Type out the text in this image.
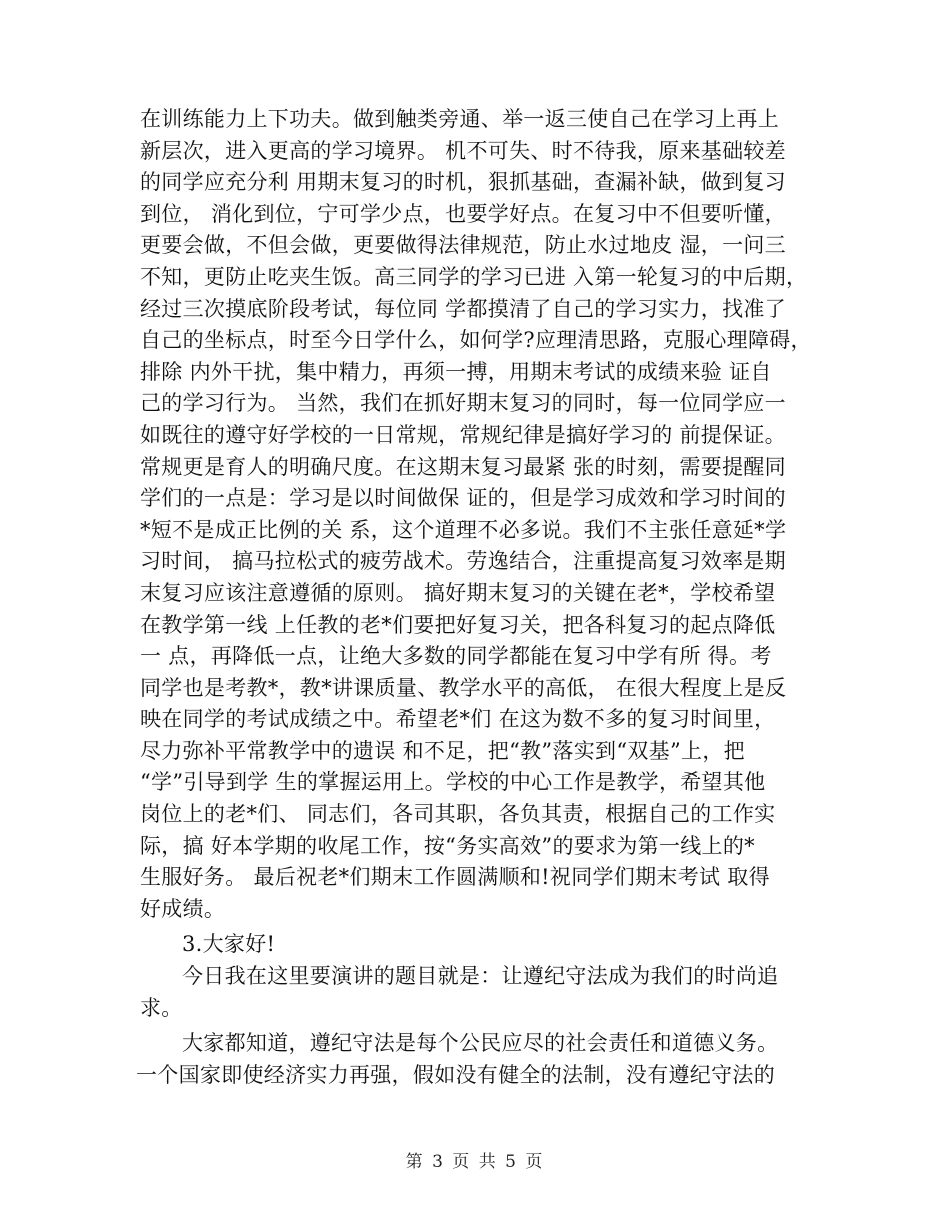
在训练能力上下功夫。做到触类旁通、举一返三使自己在学习上再上
新层次，进入更高的学习境界。 机不可失、时不待我，原来基础较差
的同学应充分利 用期末复习的时机，狠抓基础，查漏补缺，做到复习
到位， 消化到位，宁可学少点，也要学好点。在复习中不但要听懂，
更要会做，不但会做，更要做得法律规范，防止水过地皮 湿，一问三
不知，更防止吃夹生饭。高三同学的学习已进 入第一轮复习的中后期，
经过三次摸底阶段考试，每位同 学都摸清了自己的学习实力，找准了
自己的坐标点，时至今日学什么，如何学?应理清思路，克服心理障碍，
排除 内外干扰，集中精力，再须一搏，用期末考试的成绩来验 证自
己的学习行为。 当然，我们在抓好期末复习的同时，每一位同学应一
如既往的遵守好学校的一日常规，常规纪律是搞好学习的 前提保证。
常规更是育人的明确尺度。在这期末复习最紧 张的时刻，需要提醒同
学们的一点是：学习是以时间做保 证的，但是学习成效和学习时间的
*短不是成正比例的关 系，这个道理不必多说。我们不主张任意延*学
习时间， 搞马拉松式的疲劳战术。劳逸结合，注重提高复习效率是期
末复习应该注意遵循的原则。 搞好期末复习的关键在老*，学校希望
在教学第一线 上任教的老*们要把好复习关，把各科复习的起点降低
一 点，再降低一点，让绝大多数的同学都能在复习中学有所 得。考
同学也是考教*，教*讲课质量、教学水平的高低， 在很大程度上是反
映在同学的考试成绩之中。希望老*们 在这为数不多的复习时间里，
尽力弥补平常教学中的遗误 和不足，把“教”落实到“双基”上，把
“学”引导到学 生的掌握运用上。学校的中心工作是教学，希望其他
岗位上的老*们、 同志们，各司其职，各负其责，根据自己的工作实
际，搞 好本学期的收尾工作，按“务实高效”的要求为第一线上的*
生服好务。 最后祝老*们期末工作圆满顺和!祝同学们期末考试 取得
好成绩。
3.大家好!
今日我在这里要演讲的题目就是：让遵纪守法成为我们的时尚追
求。
大家都知道，遵纪守法是每个公民应尽的社会责任和道德义务。
一个国家即使经济实力再强，假如没有健全的法制，没有遵纪守法的
第 3 页 共 5 页
